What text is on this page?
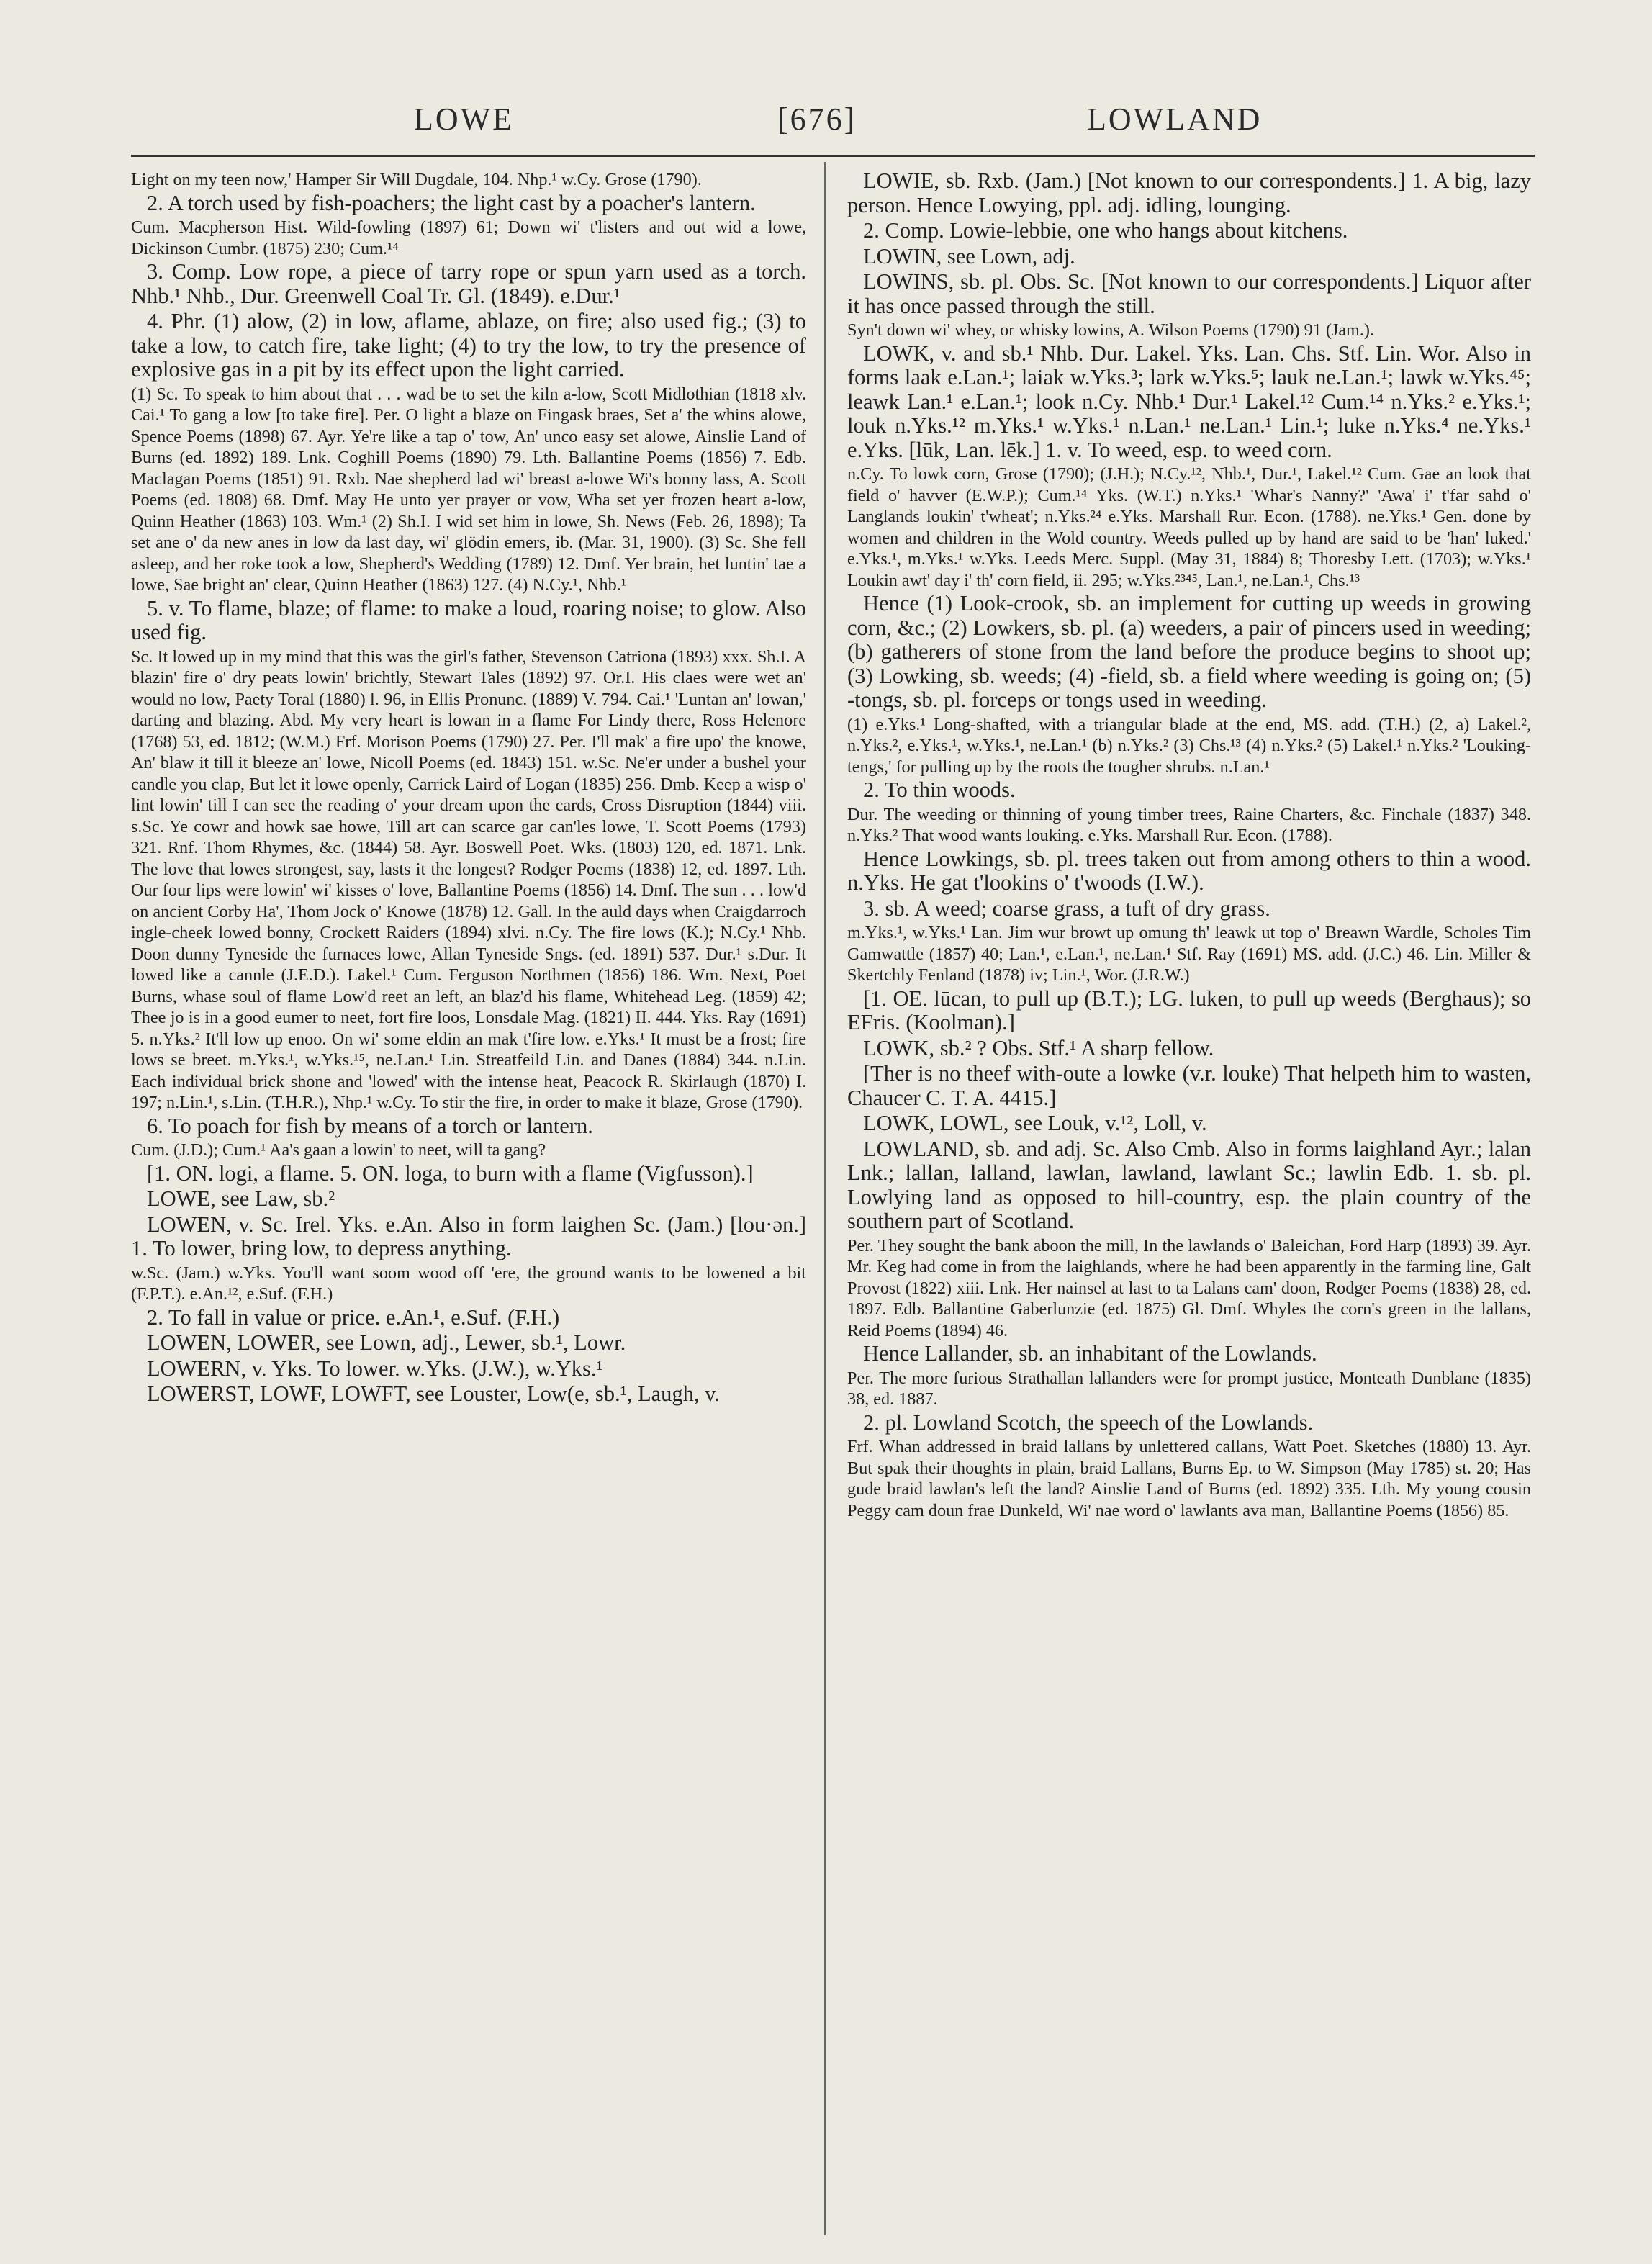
LOWE	[676]	LOWLAND

Light on my teen now,' Hamper Sir Will Dugdale, 104. Nhp.¹ w.Cy. Grose (1790).

2. A torch used by fish-poachers; the light cast by a poacher's lantern.

Cum. Macpherson Hist. Wild-fowling (1897) 61; Down wi' t'listers and out wid a lowe, Dickinson Cumbr. (1875) 230; Cum.¹⁴

3. Comp. Low rope, a piece of tarry rope or spun yarn used as a torch. Nhb.¹ Nhb., Dur. Greenwell Coal Tr. Gl. (1849). e.Dur.¹

4. Phr. (1) alow, (2) in low, aflame, ablaze, on fire; also used fig.; (3) to take a low, to catch fire, take light; (4) to try the low, to try the presence of explosive gas in a pit by its effect upon the light carried.

(1) Sc. To speak to him about that . . . wad be to set the kiln a-low, Scott Midlothian (1818 xlv. Cai.¹ To gang a low [to take fire]. Per. O light a blaze on Fingask braes, Set a' the whins alowe, Spence Poems (1898) 67. Ayr. Ye're like a tap o' tow, An' unco easy set alowe, Ainslie Land of Burns (ed. 1892) 189. Lnk. Coghill Poems (1890) 79. Lth. Ballantine Poems (1856) 7. Edb. Maclagan Poems (1851) 91. Rxb. Nae shepherd lad wi' breast a-lowe Wi's bonny lass, A. Scott Poems (ed. 1808) 68. Dmf. May He unto yer prayer or vow, Wha set yer frozen heart a-low, Quinn Heather (1863) 103. Wm.¹ (2) Sh.I. I wid set him in lowe, Sh. News (Feb. 26, 1898); Ta set ane o' da new anes in low da last day, wi' glödin emers, ib. (Mar. 31, 1900). (3) Sc. She fell asleep, and her roke took a low, Shepherd's Wedding (1789) 12. Dmf. Yer brain, het luntin' tae a lowe, Sae bright an' clear, Quinn Heather (1863) 127. (4) N.Cy.¹, Nhb.¹

5. v. To flame, blaze; of flame: to make a loud, roaring noise; to glow. Also used fig.

Sc. It lowed up in my mind that this was the girl's father, Stevenson Catriona (1893) xxx. Sh.I. A blazin' fire o' dry peats lowin' brichtly, Stewart Tales (1892) 97. Or.I. His claes were wet an' would no low, Paety Toral (1880) l. 96, in Ellis Pronunc. (1889) V. 794. Cai.¹ 'Luntan an' lowan,' darting and blazing. Abd. My very heart is lowan in a flame For Lindy there, Ross Helenore (1768) 53, ed. 1812; (W.M.) Frf. Morison Poems (1790) 27. Per. I'll mak' a fire upo' the knowe, An' blaw it till it bleeze an' lowe, Nicoll Poems (ed. 1843) 151. w.Sc. Ne'er under a bushel your candle you clap, But let it lowe openly, Carrick Laird of Logan (1835) 256. Dmb. Keep a wisp o' lint lowin' till I can see the reading o' your dream upon the cards, Cross Disruption (1844) viii. s.Sc. Ye cowr and howk sae howe, Till art can scarce gar can'les lowe, T. Scott Poems (1793) 321. Rnf. Thom Rhymes, &c. (1844) 58. Ayr. Boswell Poet. Wks. (1803) 120, ed. 1871. Lnk. The love that lowes strongest, say, lasts it the longest? Rodger Poems (1838) 12, ed. 1897. Lth. Our four lips were lowin' wi' kisses o' love, Ballantine Poems (1856) 14. Dmf. The sun . . . low'd on ancient Corby Ha', Thom Jock o' Knowe (1878) 12. Gall. In the auld days when Craigdarroch ingle-cheek lowed bonny, Crockett Raiders (1894) xlvi. n.Cy. The fire lows (K.); N.Cy.¹ Nhb. Doon dunny Tyneside the furnaces lowe, Allan Tyneside Sngs. (ed. 1891) 537. Dur.¹ s.Dur. It lowed like a cannle (J.E.D.). Lakel.¹ Cum. Ferguson Northmen (1856) 186. Wm. Next, Poet Burns, whase soul of flame Low'd reet an left, an blaz'd his flame, Whitehead Leg. (1859) 42; Thee jo is in a good eumer to neet, fort fire loos, Lonsdale Mag. (1821) II. 444. Yks. Ray (1691) 5. n.Yks.² It'll low up enoo. On wi' some eldin an mak t'fire low. e.Yks.¹ It must be a frost; fire lows se breet. m.Yks.¹, w.Yks.¹⁵, ne.Lan.¹ Lin. Streatfeild Lin. and Danes (1884) 344. n.Lin. Each individual brick shone and 'lowed' with the intense heat, Peacock R. Skirlaugh (1870) I. 197; n.Lin.¹, s.Lin. (T.H.R.), Nhp.¹ w.Cy. To stir the fire, in order to make it blaze, Grose (1790).

6. To poach for fish by means of a torch or lantern.

Cum. (J.D.); Cum.¹ Aa's gaan a lowin' to neet, will ta gang?

[1. ON. logi, a flame. 5. ON. loga, to burn with a flame (Vigfusson).]

LOWE, see Law, sb.²

LOWEN, v. Sc. Irel. Yks. e.An. Also in form laighen Sc. (Jam.) [lou·ən.] 1. To lower, bring low, to depress anything.

w.Sc. (Jam.) w.Yks. You'll want soom wood off 'ere, the ground wants to be lowened a bit (F.P.T.). e.An.¹², e.Suf. (F.H.)

2. To fall in value or price. e.An.¹, e.Suf. (F.H.)

LOWEN, LOWER, see Lown, adj., Lewer, sb.¹, Lowr.

LOWERN, v. Yks. To lower. w.Yks. (J.W.), w.Yks.¹

LOWERST, LOWF, LOWFT, see Louster, Low(e, sb.¹, Laugh, v.

LOWIE, sb. Rxb. (Jam.) [Not known to our correspondents.] 1. A big, lazy person. Hence Lowying, ppl. adj. idling, lounging.

2. Comp. Lowie-lebbie, one who hangs about kitchens.

LOWIN, see Lown, adj.

LOWINS, sb. pl. Obs. Sc. [Not known to our correspondents.] Liquor after it has once passed through the still.

Syn't down wi' whey, or whisky lowins, A. Wilson Poems (1790) 91 (Jam.).

LOWK, v. and sb.¹ Nhb. Dur. Lakel. Yks. Lan. Chs. Stf. Lin. Wor. Also in forms laak e.Lan.¹; laiak w.Yks.³; lark w.Yks.⁵; lauk ne.Lan.¹; lawk w.Yks.⁴⁵; leawk Lan.¹ e.Lan.¹; look n.Cy. Nhb.¹ Dur.¹ Lakel.¹² Cum.¹⁴ n.Yks.² e.Yks.¹; louk n.Yks.¹² m.Yks.¹ w.Yks.¹ n.Lan.¹ ne.Lan.¹ Lin.¹; luke n.Yks.⁴ ne.Yks.¹ e.Yks. [lūk, Lan. lēk.] 1. v. To weed, esp. to weed corn.

n.Cy. To lowk corn, Grose (1790); (J.H.); N.Cy.¹², Nhb.¹, Dur.¹, Lakel.¹² Cum. Gae an look that field o' havver (E.W.P.); Cum.¹⁴ Yks. (W.T.) n.Yks.¹ 'Whar's Nanny?' 'Awa' i' t'far sahd o' Langlands loukin' t'wheat'; n.Yks.²⁴ e.Yks. Marshall Rur. Econ. (1788). ne.Yks.¹ Gen. done by women and children in the Wold country. Weeds pulled up by hand are said to be 'han' luked.' e.Yks.¹, m.Yks.¹ w.Yks. Leeds Merc. Suppl. (May 31, 1884) 8; Thoresby Lett. (1703); w.Yks.¹ Loukin awt' day i' th' corn field, ii. 295; w.Yks.²³⁴⁵, Lan.¹, ne.Lan.¹, Chs.¹³

Hence (1) Look-crook, sb. an implement for cutting up weeds in growing corn, &c.; (2) Lowkers, sb. pl. (a) weeders, a pair of pincers used in weeding; (b) gatherers of stone from the land before the produce begins to shoot up; (3) Lowking, sb. weeds; (4) -field, sb. a field where weeding is going on; (5) -tongs, sb. pl. forceps or tongs used in weeding.

(1) e.Yks.¹ Long-shafted, with a triangular blade at the end, MS. add. (T.H.) (2, a) Lakel.², n.Yks.², e.Yks.¹, w.Yks.¹, ne.Lan.¹ (b) n.Yks.² (3) Chs.¹³ (4) n.Yks.² (5) Lakel.¹ n.Yks.² 'Louking-tengs,' for pulling up by the roots the tougher shrubs. n.Lan.¹

2. To thin woods.

Dur. The weeding or thinning of young timber trees, Raine Charters, &c. Finchale (1837) 348. n.Yks.² That wood wants louking. e.Yks. Marshall Rur. Econ. (1788).

Hence Lowkings, sb. pl. trees taken out from among others to thin a wood. n.Yks. He gat t'lookins o' t'woods (I.W.).

3. sb. A weed; coarse grass, a tuft of dry grass.

m.Yks.¹, w.Yks.¹ Lan. Jim wur browt up omung th' leawk ut top o' Breawn Wardle, Scholes Tim Gamwattle (1857) 40; Lan.¹, e.Lan.¹, ne.Lan.¹ Stf. Ray (1691) MS. add. (J.C.) 46. Lin. Miller & Skertchly Fenland (1878) iv; Lin.¹, Wor. (J.R.W.)

[1. OE. lūcan, to pull up (B.T.); LG. luken, to pull up weeds (Berghaus); so EFris. (Koolman).]

LOWK, sb.² ? Obs. Stf.¹ A sharp fellow.

[Ther is no theef with-oute a lowke (v.r. louke) That helpeth him to wasten, Chaucer C. T. A. 4415.]

LOWK, LOWL, see Louk, v.¹², Loll, v.

LOWLAND, sb. and adj. Sc. Also Cmb. Also in forms laighland Ayr.; lalan Lnk.; lallan, lalland, lawlan, lawland, lawlant Sc.; lawlin Edb. 1. sb. pl. Lowlying land as opposed to hill-country, esp. the plain country of the southern part of Scotland.

Per. They sought the bank aboon the mill, In the lawlands o' Baleichan, Ford Harp (1893) 39. Ayr. Mr. Keg had come in from the laighlands, where he had been apparently in the farming line, Galt Provost (1822) xiii. Lnk. Her nainsel at last to ta Lalans cam' doon, Rodger Poems (1838) 28, ed. 1897. Edb. Ballantine Gaberlunzie (ed. 1875) Gl. Dmf. Whyles the corn's green in the lallans, Reid Poems (1894) 46.

Hence Lallander, sb. an inhabitant of the Lowlands.

Per. The more furious Strathallan lallanders were for prompt justice, Monteath Dunblane (1835) 38, ed. 1887.

2. pl. Lowland Scotch, the speech of the Lowlands.

Frf. Whan addressed in braid lallans by unlettered callans, Watt Poet. Sketches (1880) 13. Ayr. But spak their thoughts in plain, braid Lallans, Burns Ep. to W. Simpson (May 1785) st. 20; Has gude braid lawlan's left the land? Ainslie Land of Burns (ed. 1892) 335. Lth. My young cousin Peggy cam doun frae Dunkeld, Wi' nae word o' lawlants ava man, Ballantine Poems (1856) 85.
